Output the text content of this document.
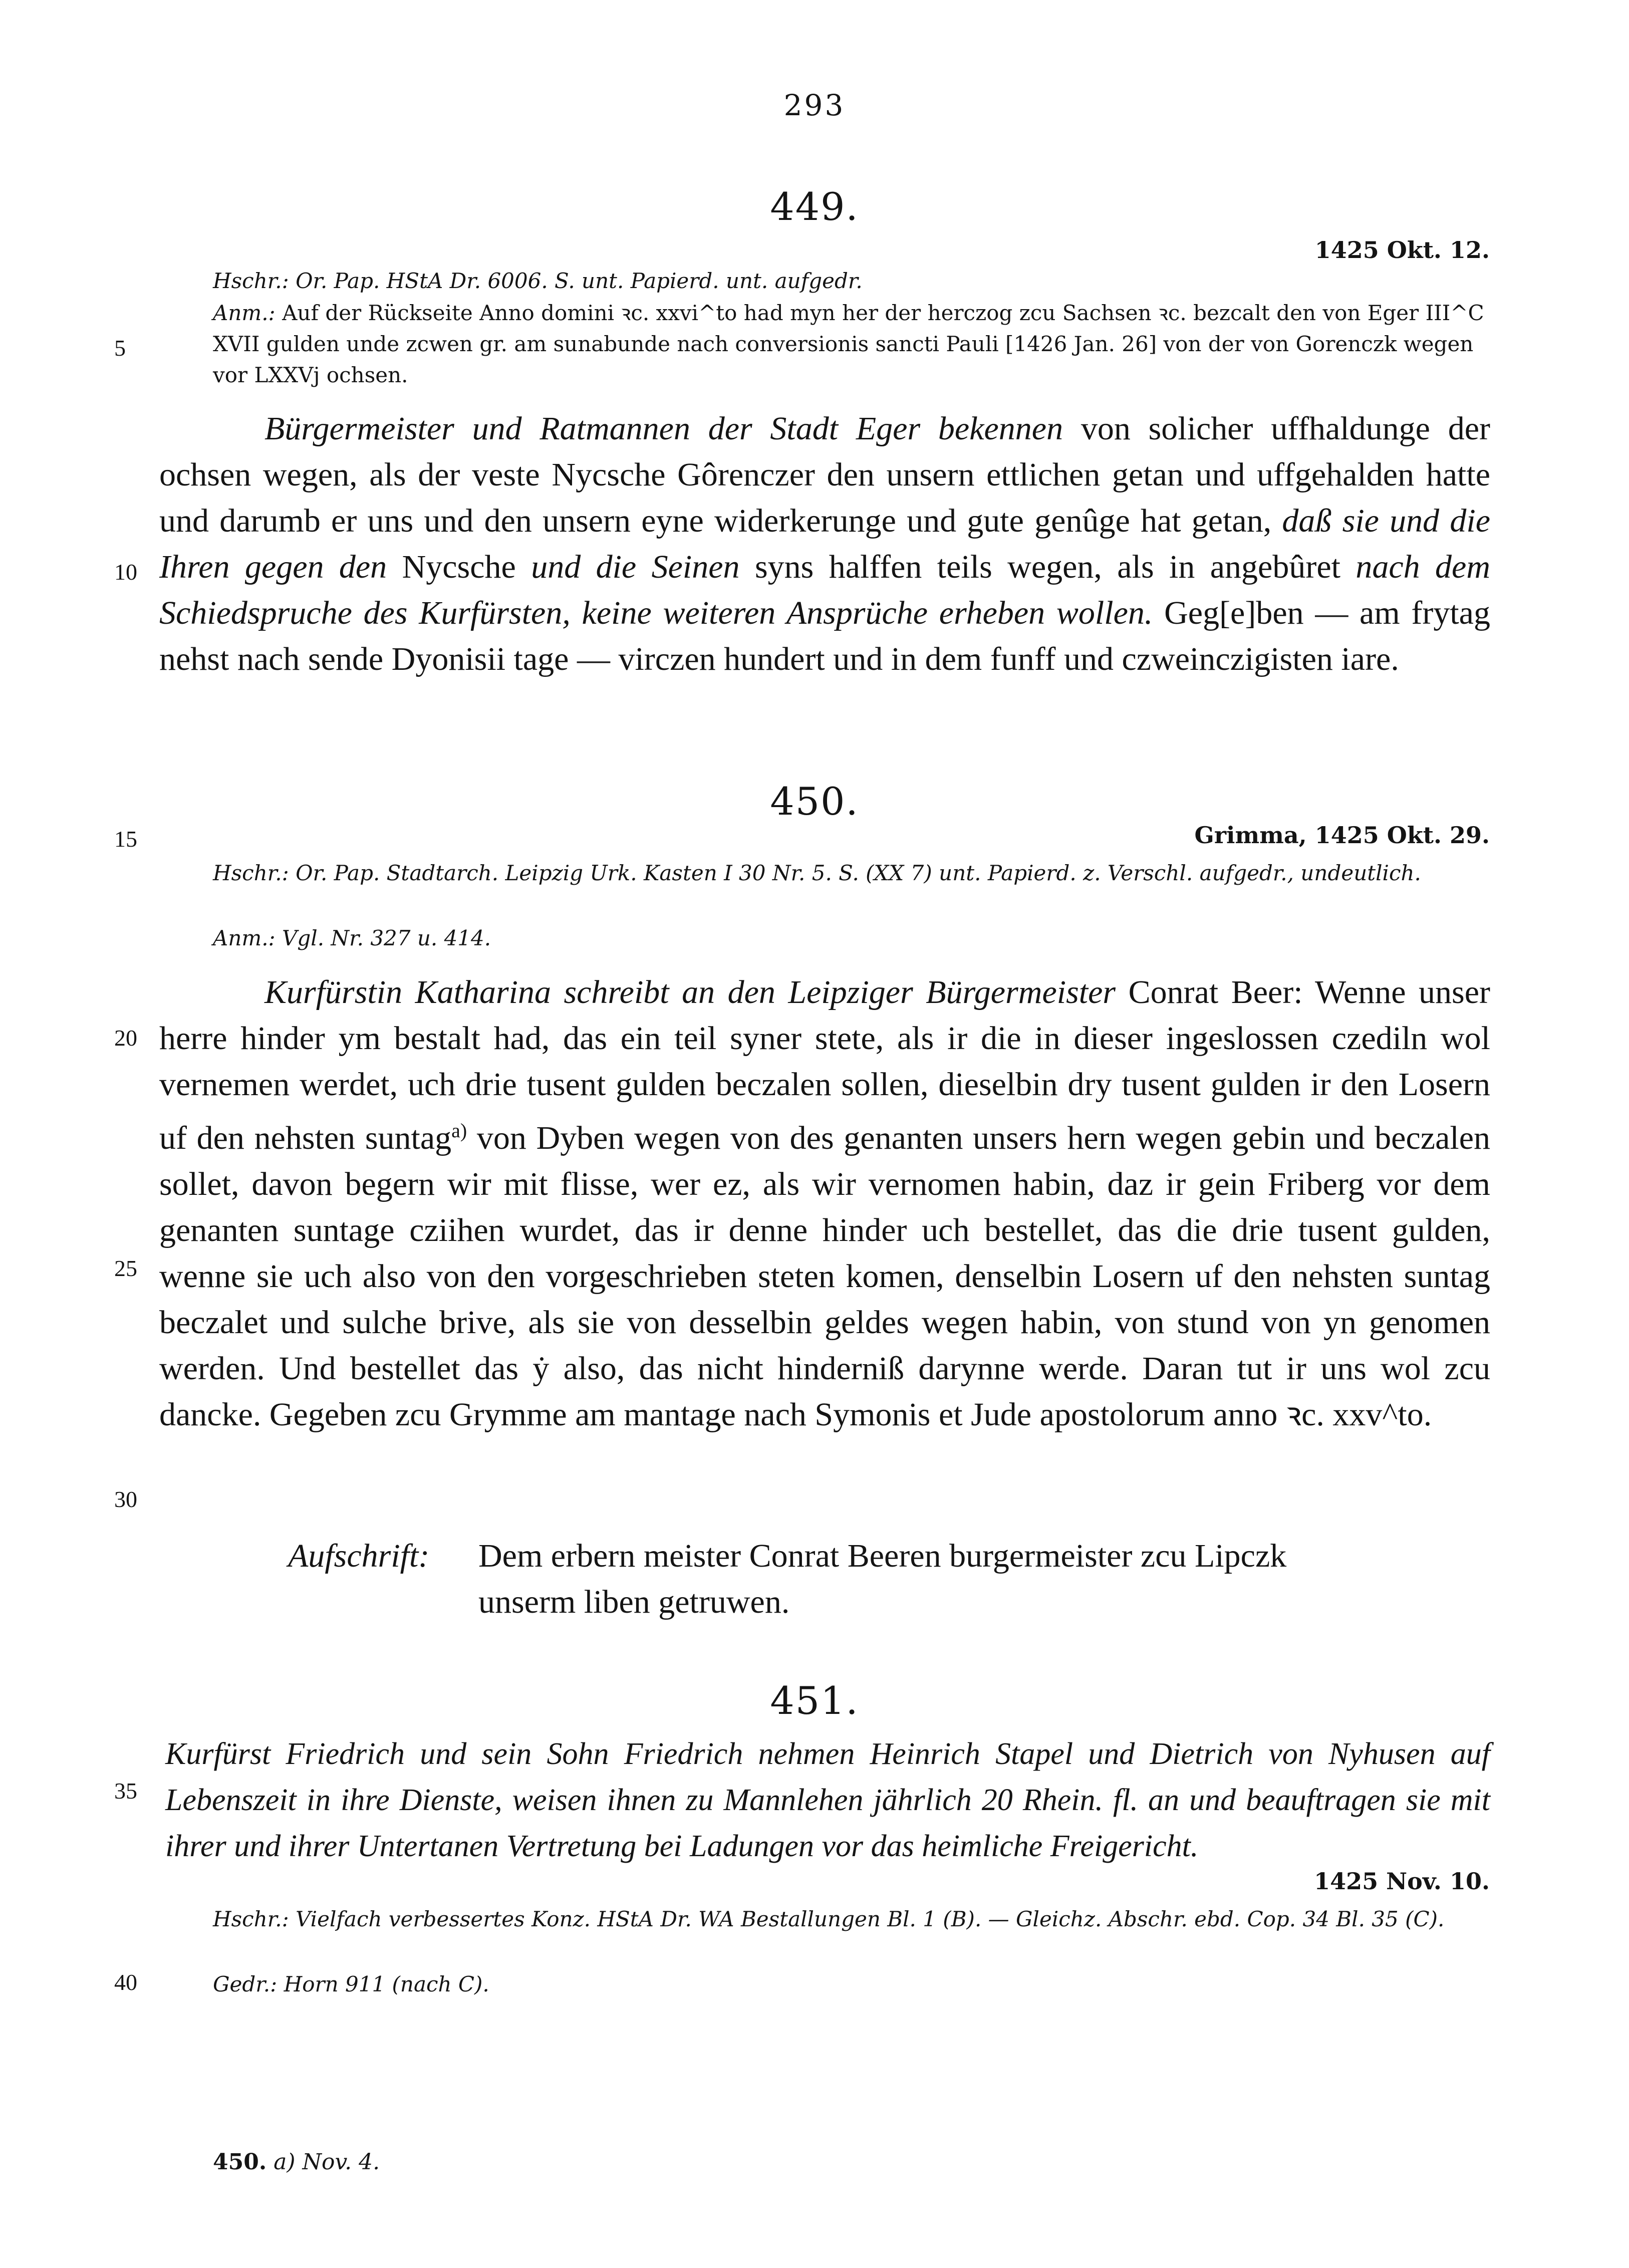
293
449.
1425 Okt. 12.
Hschr.: Or. Pap. HStA Dr. 6006. S. unt. Papierd. unt. aufgedr.
Anm.: Auf der Rückseite Anno domini ꝛc. xxvi^to had myn her der herczog zcu Sachsen ꝛc. bezcalt den von Eger III^C XVII gulden unde zcwen gr. am sunabunde nach conversionis sancti Pauli [1426 Jan. 26] von der von Gorenczk wegen vor LXXVj ochsen.
Bürgermeister und Ratmannen der Stadt Eger bekennen von solicher uffhaldunge der ochsen wegen, als der veste Nycsche Gôrenczer den unsern ettlichen getan und uffgehalden hatte und darumb er uns und den unsern eyne widerkerunge und gute genûge hat getan, daß sie und die Ihren gegen den Nycsche und die Seinen syns halffen teils wegen, als in angebûret nach dem Schiedspruche des Kurfürsten, keine weiteren Ansprüche erheben wollen. Geg[e]ben — am frytag nehst nach sende Dyonisii tage — virczen hundert und in dem funff und czweinczigisten iare.
450.
Grimma, 1425 Okt. 29.
Hschr.: Or. Pap. Stadtarch. Leipzig Urk. Kasten I 30 Nr. 5. S. (XX 7) unt. Papierd. z. Verschl. aufgedr., undeutlich.
Anm.: Vgl. Nr. 327 u. 414.
Kurfürstin Katharina schreibt an den Leipziger Bürgermeister Conrat Beer: Wenne unser herre hinder ym bestalt had, das ein teil syner stete, als ir die in dieser ingeslossen czediln wol vernemen werdet, uch drie tusent gulden beczalen sollen, dieselbin dry tusent gulden ir den Losern uf den nehsten suntag$^{a)}$ von Dyben wegen von des genanten unsers hern wegen gebin und beczalen sollet, davon begern wir mit flisse, wer ez, als wir vernomen habin, daz ir gein Friberg vor dem genanten suntage cziihen wurdet, das ir denne hinder uch bestellet, das die drie tusent gulden, wenne sie uch also von den vorgeschrieben steten komen, denselbin Losern uf den nehsten suntag beczalet und sulche brive, als sie von desselbin geldes wegen habin, von stund von yn genomen werden. Und bestellet das ẏ also, das nicht hinderniß darynne werde. Daran tut ir uns wol zcu dancke. Gegeben zcu Grymme am mantage nach Symonis et Jude apostolorum anno ꝛc. xxv^to.
Aufschrift: Dem erbern meister Conrat Beeren burgermeister zcu Lipczk
unserm liben getruwen.
451.
Kurfürst Friedrich und sein Sohn Friedrich nehmen Heinrich Stapel und Dietrich von Nyhusen auf Lebenszeit in ihre Dienste, weisen ihnen zu Mannlehen jährlich 20 Rhein. fl. an und beauftragen sie mit ihrer und ihrer Untertanen Vertretung bei Ladungen vor das heimliche Freigericht.
1425 Nov. 10.
Hschr.: Vielfach verbessertes Konz. HStA Dr. WA Bestallungen Bl. 1 (B). — Gleichz. Abschr. ebd. Cop. 34 Bl. 35 (C).
Gedr.: Horn 911 (nach C).
5
10
15
20
25
30
35
40
450. a) Nov. 4.
